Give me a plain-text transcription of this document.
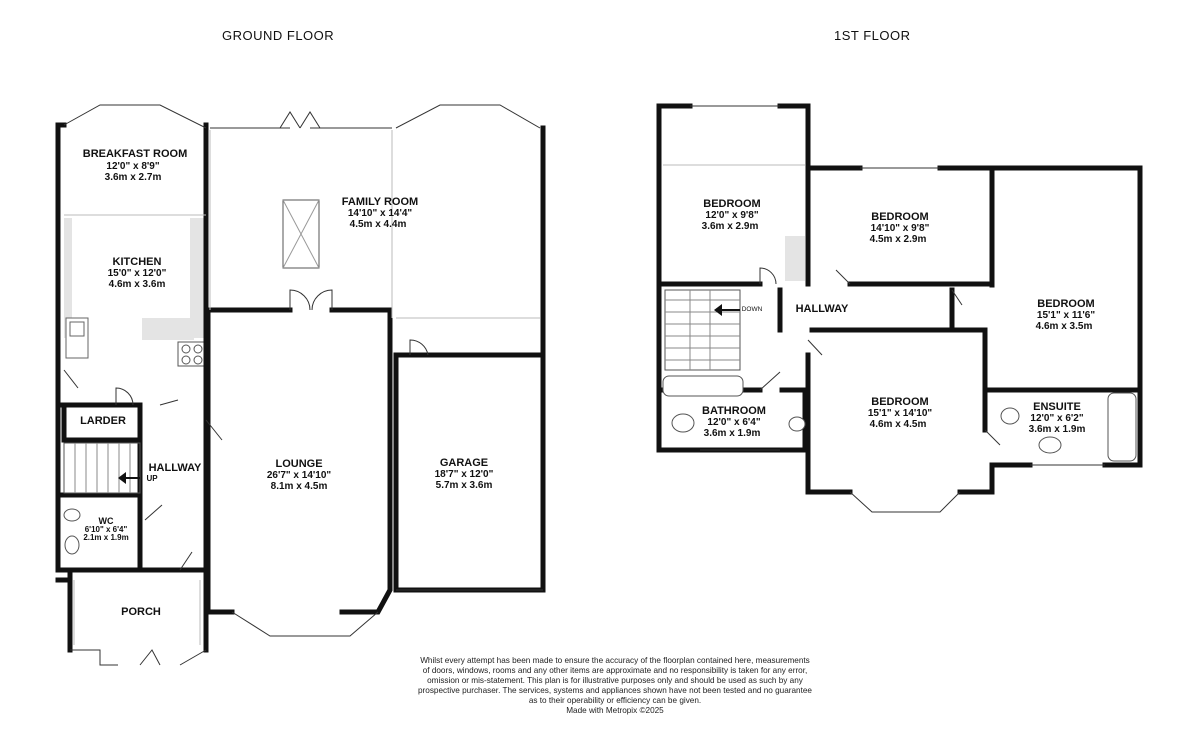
GROUND FLOOR	1ST FLOOR
BREAKFAST ROOM
12'0" x 8'9"
3.6m x 2.7m
KITCHEN
15'0" x 12'0"
4.6m x 3.6m
FAMILY ROOM
14'10" x 14'4"
4.5m x 4.4m
LARDER
HALLWAY
UP
WC
6'10" x 6'4"
2.1m x 1.9m
PORCH
LOUNGE
26'7" x 14'10"
8.1m x 4.5m
GARAGE
18'7" x 12'0"
5.7m x 3.6m
BEDROOM
12'0" x 9'8"
3.6m x 2.9m
BEDROOM
14'10" x 9'8"
4.5m x 2.9m
BEDROOM
15'1" x 11'6"
4.6m x 3.5m
BEDROOM
15'1" x 14'10"
4.6m x 4.5m
HALLWAY
DOWN
BATHROOM
12'0" x 6'4"
3.6m x 1.9m
ENSUITE
12'0" x 6'2"
3.6m x 1.9m
Whilst every attempt has been made to ensure the accuracy of the floorplan contained here, measurements
of doors, windows, rooms and any other items are approximate and no responsibility is taken for any error,
omission or mis-statement. This plan is for illustrative purposes only and should be used as such by any
prospective purchaser. The services, systems and appliances shown have not been tested and no guarantee
as to their operability or efficiency can be given.
Made with Metropix ©2025
